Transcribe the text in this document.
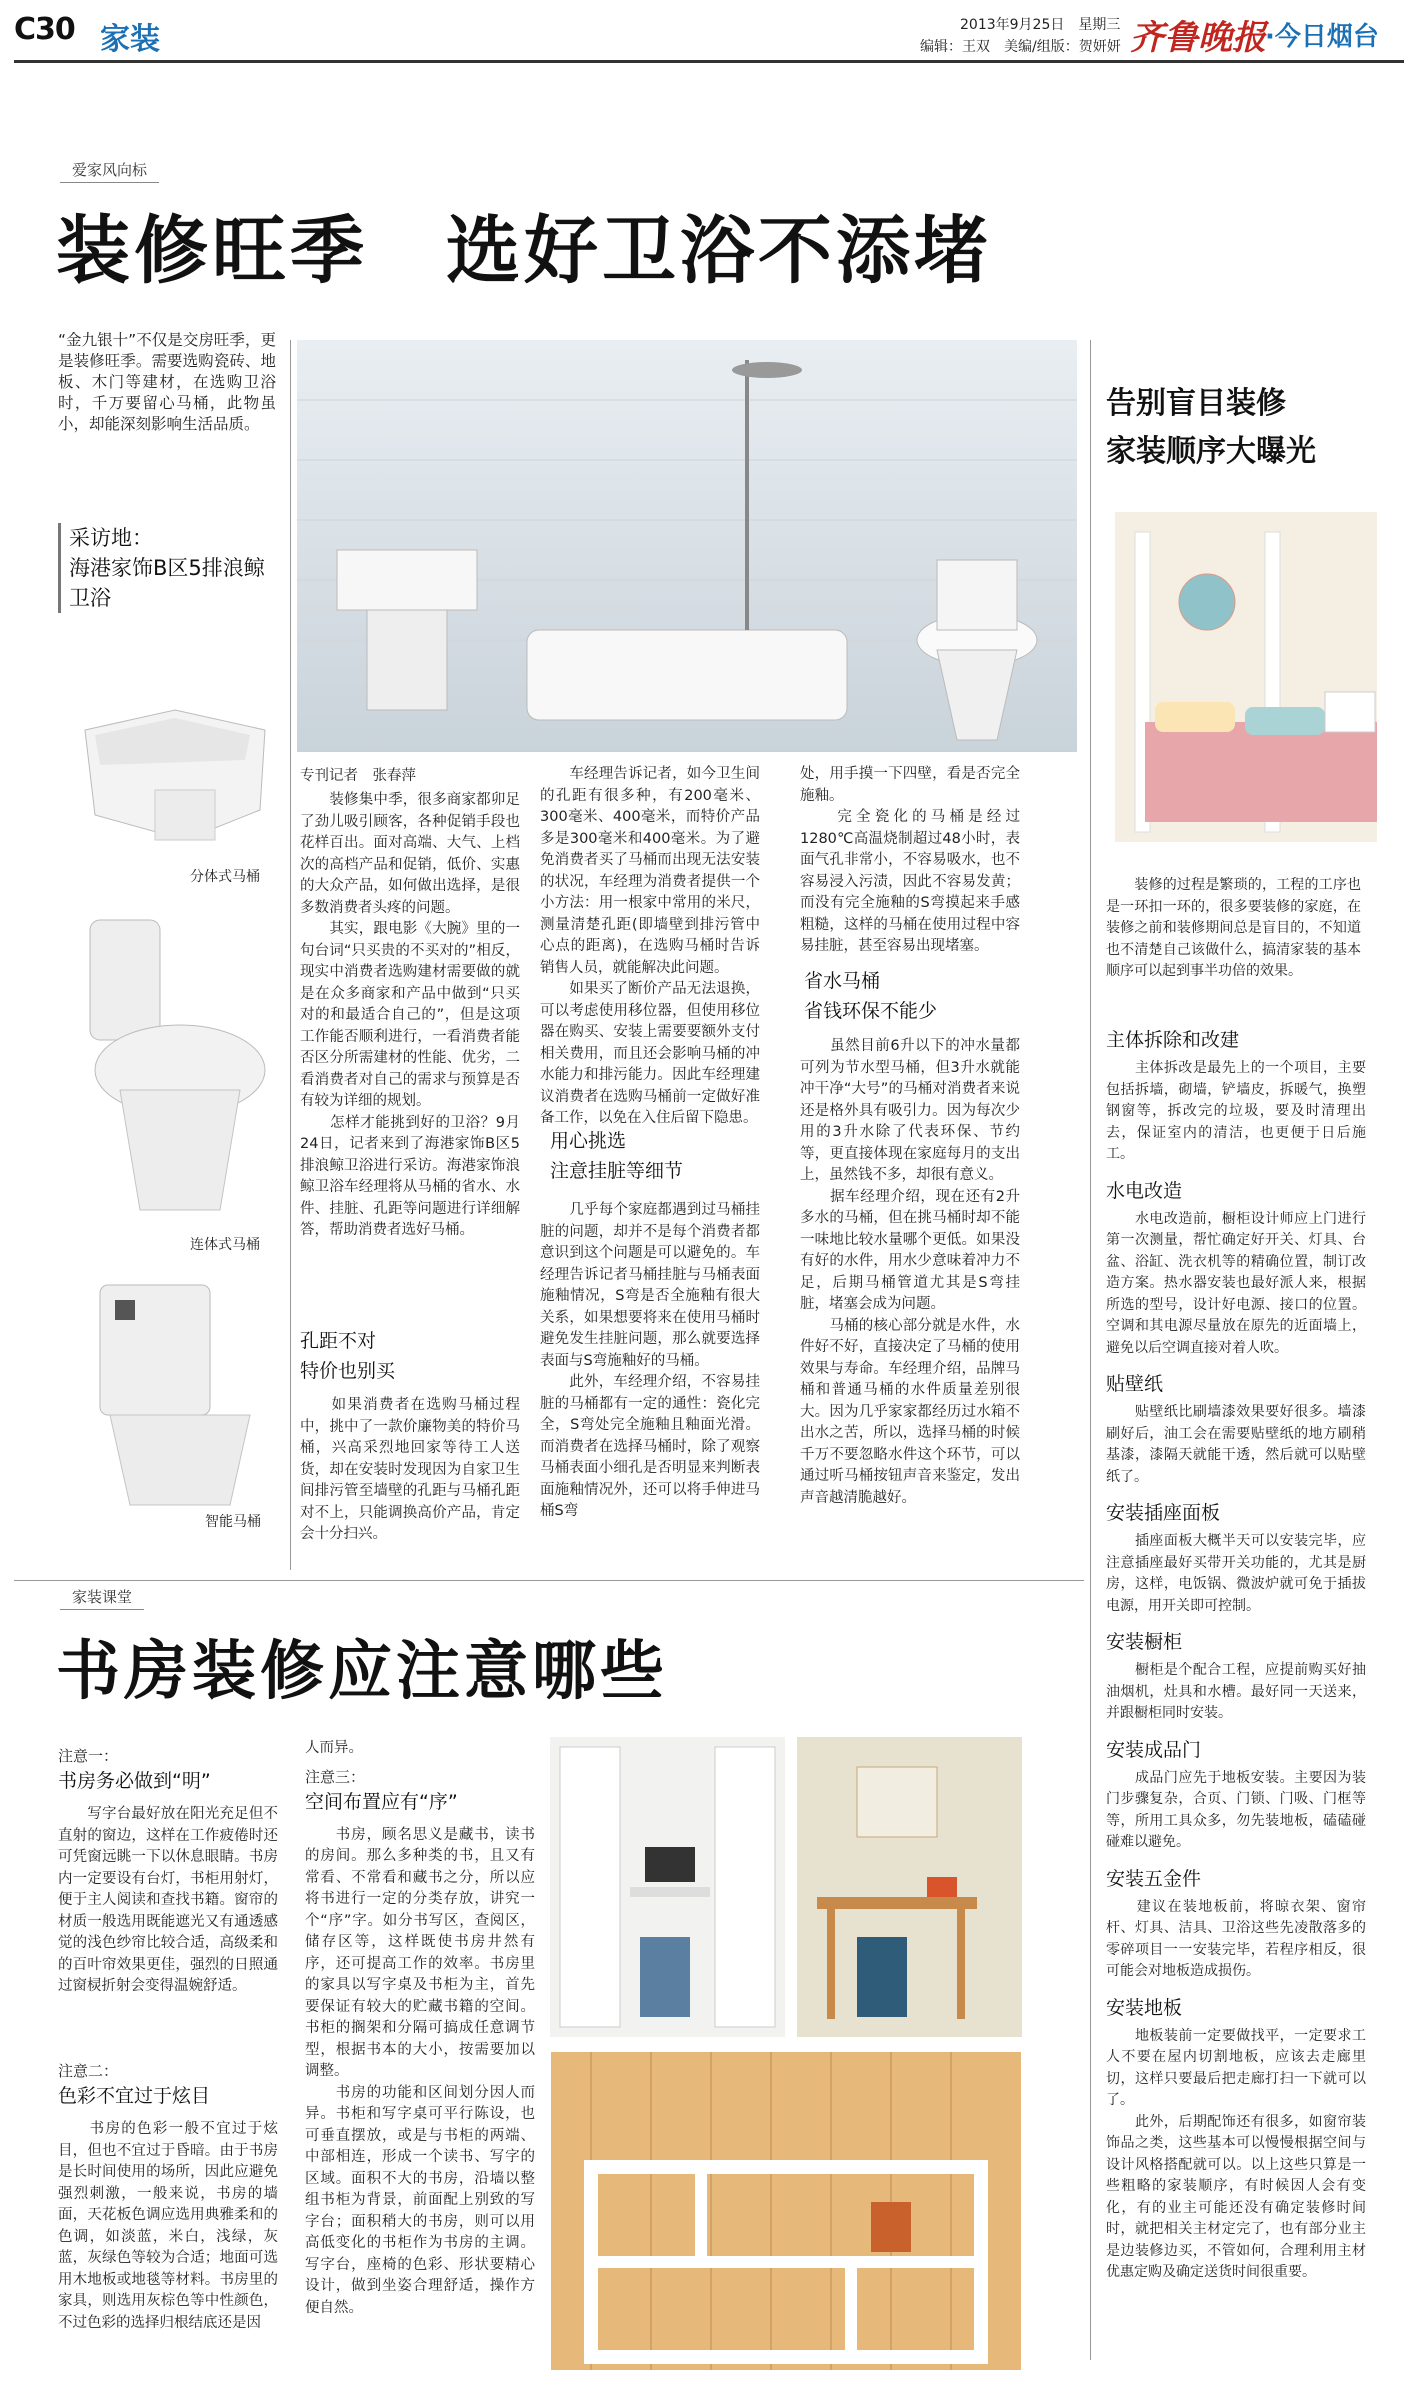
C30 家装	2013年9月25日　星期三
编辑：王双　美编/组版：贺妍妍 齐鲁晚报 ·今日烟台
爱家风向标
装修旺季　选好卫浴不添堵
“金九银十”不仅是交房旺季，更是装修旺季。需要选购瓷砖、地板、木门等建材，在选购卫浴时，千万要留心马桶，此物虽小，却能深刻影响生活品质。
采访地：
海港家饰B区5排浪鲸卫浴
分体式马桶
连体式马桶
智能马桶
专刊记者　张春萍
　　装修集中季，很多商家都卯足了劲儿吸引顾客，各种促销手段也花样百出。面对高端、大气、上档次的高档产品和促销，低价、实惠的大众产品，如何做出选择，是很多数消费者头疼的问题。
　　其实，跟电影《大腕》里的一句台词“只买贵的不买对的”相反，现实中消费者选购建材需要做的就是在众多商家和产品中做到“只买对的和最适合自己的”，但是这项工作能否顺利进行，一看消费者能否区分所需建材的性能、优劣，二看消费者对自己的需求与预算是否有较为详细的规划。
　　怎样才能挑到好的卫浴？9月24日，记者来到了海港家饰B区5排浪鲸卫浴进行采访。海港家饰浪鲸卫浴车经理将从马桶的省水、水件、挂脏、孔距等问题进行详细解答，帮助消费者选好马桶。
孔距不对
特价也别买
　　如果消费者在选购马桶过程中，挑中了一款价廉物美的特价马桶，兴高采烈地回家等待工人送货，却在安装时发现因为自家卫生间排污管至墙壁的孔距与马桶孔距对不上，只能调换高价产品，肯定会十分扫兴。
　　车经理告诉记者，如今卫生间的孔距有很多种，有200毫米、300毫米、400毫米，而特价产品多是300毫米和400毫米。为了避免消费者买了马桶而出现无法安装的状况，车经理为消费者提供一个小方法：用一根家中常用的米尺，测量清楚孔距(即墙壁到排污管中心点的距离)，在选购马桶时告诉销售人员，就能解决此问题。
　　如果买了断价产品无法退换，可以考虑使用移位器，但使用移位器在购买、安装上需要要额外支付相关费用，而且还会影响马桶的冲水能力和排污能力。因此车经理建议消费者在选购马桶前一定做好准备工作，以免在入住后留下隐患。
用心挑选
注意挂脏等细节
　　几乎每个家庭都遇到过马桶挂脏的问题，却并不是每个消费者都意识到这个问题是可以避免的。车经理告诉记者马桶挂脏与马桶表面施釉情况，S弯是否全施釉有很大关系，如果想要将来在使用马桶时避免发生挂脏问题，那么就要选择表面与S弯施釉好的马桶。
　　此外，车经理介绍，不容易挂脏的马桶都有一定的通性：瓷化完全，S弯处完全施釉且釉面光滑。而消费者在选择马桶时，除了观察马桶表面小细孔是否明显来判断表面施釉情况外，还可以将手伸进马桶S弯
处，用手摸一下四壁，看是否完全施釉。
　　完全瓷化的马桶是经过1280℃高温烧制超过48小时，表面气孔非常小，不容易吸水，也不容易浸入污渍，因此不容易发黄；而没有完全施釉的S弯摸起来手感粗糙，这样的马桶在使用过程中容易挂脏，甚至容易出现堵塞。
省水马桶
省钱环保不能少
　　虽然目前6升以下的冲水量都可列为节水型马桶，但3升水就能冲干净“大号”的马桶对消费者来说还是格外具有吸引力。因为每次少用的3升水除了代表环保、节约等，更直接体现在家庭每月的支出上，虽然钱不多，却很有意义。
　　据车经理介绍，现在还有2升多水的马桶，但在挑马桶时却不能一味地比较水量哪个更低。如果没有好的水件，用水少意味着冲力不足，后期马桶管道尤其是S弯挂脏，堵塞会成为问题。
　　马桶的核心部分就是水件，水件好不好，直接决定了马桶的使用效果与寿命。车经理介绍，品牌马桶和普通马桶的水件质量差别很大。因为几乎家家都经历过水箱不出水之苦，所以，选择马桶的时候千万不要忽略水件这个环节，可以通过听马桶按钮声音来鉴定，发出声音越清脆越好。
告别盲目装修
家装顺序大曝光
　　装修的过程是繁琐的，工程的工序也是一环扣一环的，很多要装修的家庭，在装修之前和装修期间总是盲目的，不知道也不清楚自己该做什么，搞清家装的基本顺序可以起到事半功倍的效果。
主体拆除和改建
　　主体拆改是最先上的一个项目，主要包括拆墙，砌墙，铲墙皮，拆暖气，换塑钢窗等，拆改完的垃圾，要及时清理出去，保证室内的清洁，也更便于日后施工。
水电改造
　　水电改造前，橱柜设计师应上门进行第一次测量，帮忙确定好开关、灯具、台盆、浴缸、洗衣机等的精确位置，制订改造方案。热水器安装也最好派人来，根据所选的型号，设计好电源、接口的位置。空调和其电源尽量放在原先的近面墙上，避免以后空调直接对着人吹。
贴壁纸
　　贴壁纸比刷墙漆效果要好很多。墙漆刷好后，油工会在需要贴壁纸的地方刷稍基漆，漆隔天就能干透，然后就可以贴壁纸了。
安装插座面板
　　插座面板大概半天可以安装完毕，应注意插座最好买带开关功能的，尤其是厨房，这样，电饭锅、微波炉就可免于插拔电源，用开关即可控制。
安装橱柜
　　橱柜是个配合工程，应提前购买好抽油烟机，灶具和水槽。最好同一天送来，并跟橱柜同时安装。
安装成品门
　　成品门应先于地板安装。主要因为装门步骤复杂，合页、门锁、门吸、门框等等，所用工具众多，勿先装地板，磕磕碰碰难以避免。
安装五金件
　　建议在装地板前，将晾衣架、窗帘杆、灯具、洁具、卫浴这些先凌散落多的零碎项目一一安装完毕，若程序相反，很可能会对地板造成损伤。
安装地板
　　地板装前一定要做找平，一定要求工人不要在屋内切割地板，应该去走廊里切，这样只要最后把走廊打扫一下就可以了。
　　此外，后期配饰还有很多，如窗帘装饰品之类，这些基本可以慢慢根据空间与设计风格搭配就可以。以上这些只算是一些粗略的家装顺序，有时候因人会有变化，有的业主可能还没有确定装修时间时，就把相关主材定完了，也有部分业主是边装修边买，不管如何，合理利用主材优惠定购及确定送货时间很重要。
家装课堂
书房装修应注意哪些
注意一：
书房务必做到“明”
　　写字台最好放在阳光充足但不直射的窗边，这样在工作疲倦时还可凭窗远眺一下以休息眼睛。书房内一定要设有台灯，书柜用射灯，便于主人阅读和查找书籍。窗帘的材质一般选用既能遮光又有通透感觉的浅色纱帘比较合适，高级柔和的百叶帘效果更佳，强烈的日照通过窗棂折射会变得温婉舒适。
注意二：
色彩不宜过于炫目
　　书房的色彩一般不宜过于炫目，但也不宜过于昏暗。由于书房是长时间使用的场所，因此应避免强烈刺激，一般来说，书房的墙面，天花板色调应选用典雅柔和的色调，如淡蓝，米白，浅绿，灰蓝，灰绿色等较为合适；地面可选用木地板或地毯等材料。书房里的家具，则选用灰棕色等中性颜色，不过色彩的选择归根结底还是因
人而异。
注意三：
空间布置应有“序”
　　书房，顾名思义是藏书，读书的房间。那么多种类的书，且又有常看、不常看和藏书之分，所以应将书进行一定的分类存放，讲究一个“序”字。如分书写区，查阅区，储存区等，这样既使书房井然有序，还可提高工作的效率。书房里的家具以写字桌及书柜为主，首先要保证有较大的贮藏书籍的空间。书柜的搁架和分隔可搞成任意调节型，根据书本的大小，按需要加以调整。
　　书房的功能和区间划分因人而异。书柜和写字桌可平行陈设，也可垂直摆放，或是与书柜的两端、中部相连，形成一个读书、写字的区域。面积不大的书房，沿墙以整组书柜为背景，前面配上别致的写字台；面积稍大的书房，则可以用高低变化的书柜作为书房的主调。写字台，座椅的色彩、形状要精心设计，做到坐姿合理舒适，操作方便自然。
